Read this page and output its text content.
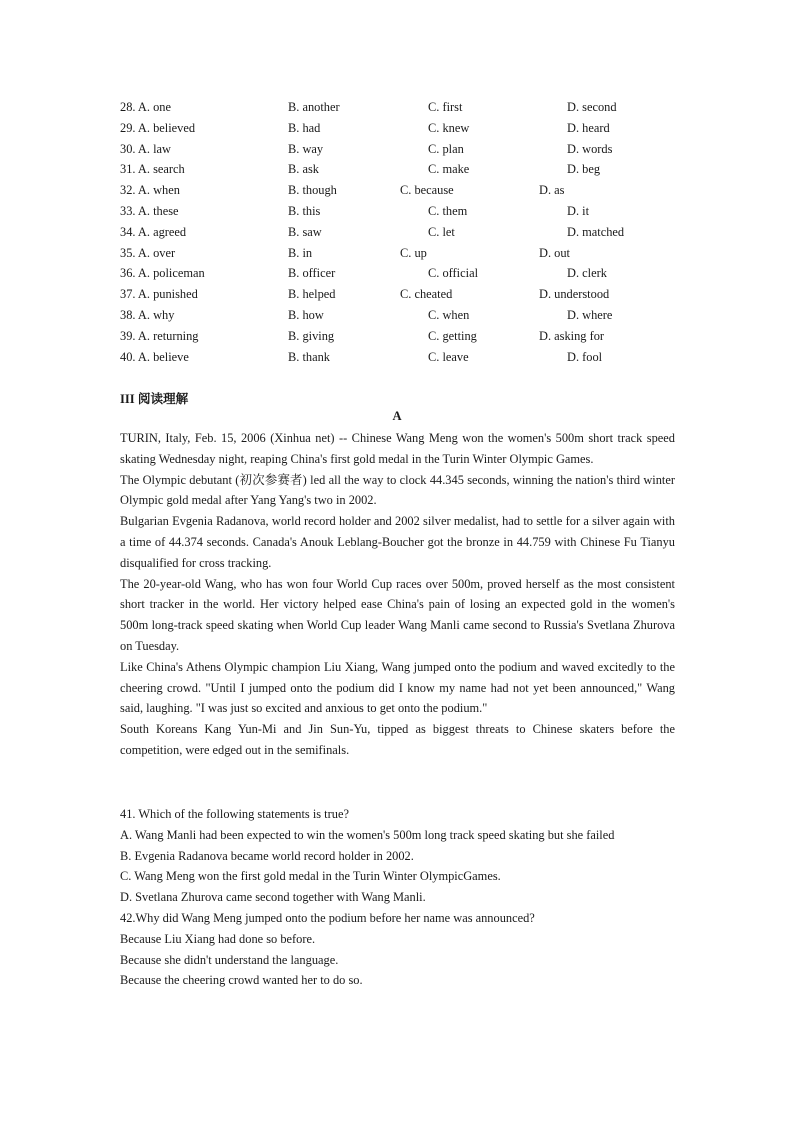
28. A. one	B. another	C. first	D. second
29. A. believed	B. had	C. knew	D. heard
30. A. law	B. way	C. plan	D. words
31. A. search	B. ask	C. make	D. beg
32. A. when	B. though	C. because	D. as
33. A. these	B. this	C. them	D. it
34. A. agreed	B. saw	C. let	D. matched
35. A. over	B. in	C. up	D. out
36. A. policeman	B. officer	C. official	D. clerk
37. A. punished	B. helped	C. cheated	D. understood
38. A. why	B. how	C. when	D. where
39. A. returning	B. giving	C. getting	D. asking for
40. A. believe	B. thank	C. leave	D. fool
III 阅读理解
A

TURIN, Italy, Feb. 15, 2006 (Xinhua net) -- Chinese Wang Meng won the women's 500m short track speed skating Wednesday night, reaping China's first gold medal in the Turin Winter Olympic Games.

The Olympic debutant (初次参赛者) led all the way to clock 44.345 seconds, winning the nation's third winter Olympic gold medal after Yang Yang's two in 2002.

Bulgarian Evgenia Radanova, world record holder and 2002 silver medalist, had to settle for a silver again with a time of 44.374 seconds. Canada's Anouk Leblang-Boucher got the bronze in 44.759 with Chinese Fu Tianyu disqualified for cross tracking.

The 20-year-old Wang, who has won four World Cup races over 500m, proved herself as the most consistent short tracker in the world. Her victory helped ease China's pain of losing an expected gold in the women's 500m long-track speed skating when World Cup leader Wang Manli came second to Russia's Svetlana Zhurova on Tuesday.

Like China's Athens Olympic champion Liu Xiang, Wang jumped onto the podium and waved excitedly to the cheering crowd. "Until I jumped onto the podium did I know my name had not yet been announced," Wang said, laughing. "I was just so excited and anxious to get onto the podium."

South Koreans Kang Yun-Mi and Jin Sun-Yu, tipped as biggest threats to Chinese skaters before the competition, were edged out in the semifinals.

41. Which of the following statements is true?

A. Wang Manli had been expected to win the women's 500m long track speed skating but she failed

B. Evgenia Radanova became world record holder in 2002.

C. Wang Meng won the first gold medal in the Turin Winter OlympicGames.

D. Svetlana Zhurova came second together with Wang Manli.

42.Why did Wang Meng jumped onto the podium before her name was announced?

Because Liu Xiang had done so before.

Because she didn't understand the language.

Because the cheering crowd wanted her to do so.
